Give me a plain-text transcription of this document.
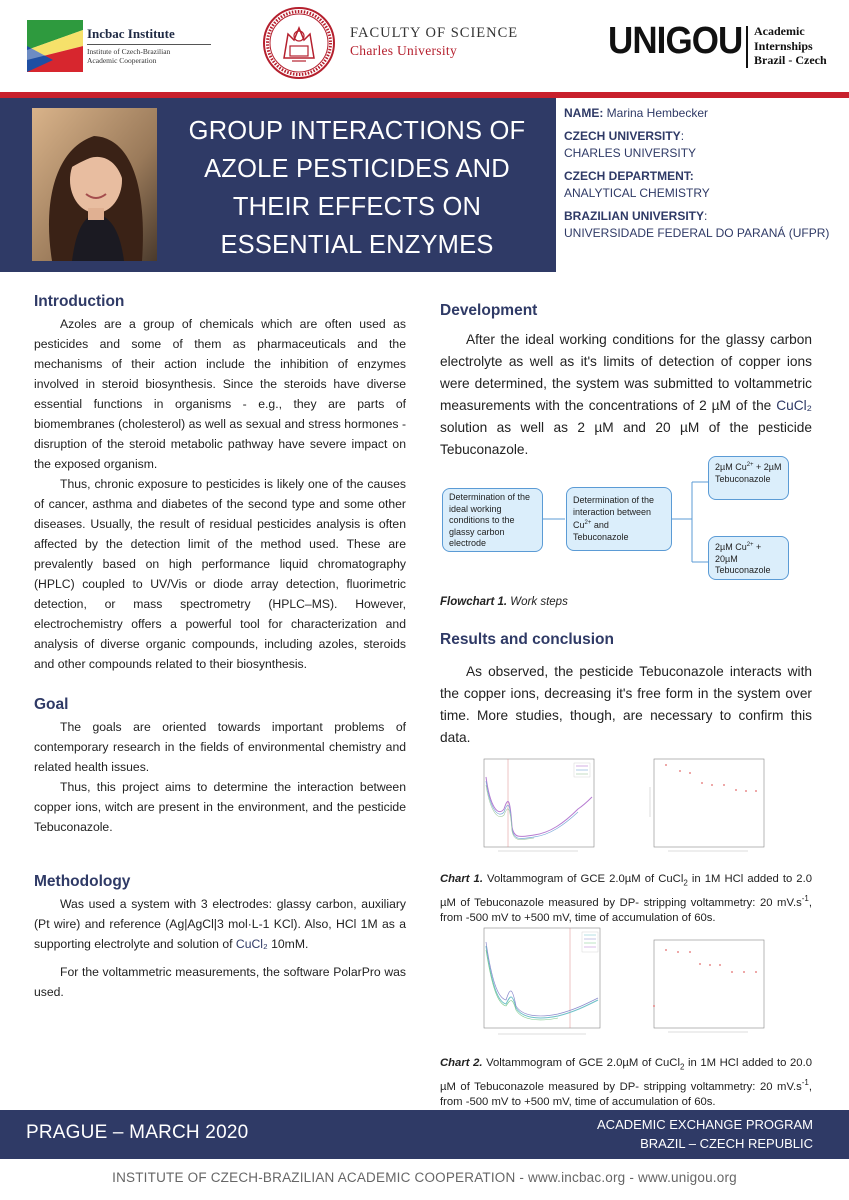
Incbac Institute
Institute of Czech-Brazilian
Academic Cooperation
FACULTY OF SCIENCE
Charles University	UNIGOU Academic
Internships
Brazil - Czech
GROUP INTERACTIONS OF
AZOLE PESTICIDES AND
THEIR EFFECTS ON
ESSENTIAL ENZYMES
NAME: Marina Hembecker
CZECH UNIVERSITY:
CHARLES UNIVERSITY
CZECH DEPARTMENT:
ANALYTICAL CHEMISTRY
BRAZILIAN UNIVERSITY:
UNIVERSIDADE FEDERAL DO PARANÁ (UFPR)
Introduction

Azoles are a group of chemicals which are often used as pesticides and some of them as pharmaceuticals and the mechanisms of their action include the inhibition of enzymes involved in steroid biosynthesis. Since the steroids have diverse essential functions in organisms - e.g., they are parts of biomembranes (cholesterol) as well as sexual and stress hormones - disruption of the steroid metabolic pathway have severe impact on the exposed organism.

Thus, chronic exposure to pesticides is likely one of the causes of cancer, asthma and diabetes of the second type and some other diseases. Usually, the result of residual pesticides analysis is often affected by the detection limit of the method used. These are prevalently based on high performance liquid chromatography (HPLC) coupled to UV/Vis or diode array detection, fluorimetric detection, or mass spectrometry (HPLC–MS). However, electrochemistry offers a powerful tool for characterization and analysis of diverse organic compounds, including azoles, steroids and other compounds related to their biosynthesis.

Goal

The goals are oriented towards important problems of contemporary research in the fields of environmental chemistry and related health issues.

Thus, this project aims to determine the interaction between copper ions, witch are present in the environment, and the pesticide Tebuconazole.

Methodology

Was used a system with 3 electrodes: glassy carbon, auxiliary (Pt wire) and reference (Ag|AgCl|3 mol·L-1 KCl). Also, HCl 1M as a supporting electrolyte and solution of CuCl₂ 10mM.

For the voltammetric measurements, the software PolarPro was used.

Development

After the ideal working conditions for the glassy carbon electrolyte as well as it's limits of detection of copper ions were determined, the system was submitted to voltammetric measurements with the concentrations of 2 µM of the CuCl₂ solution as well as 2 µM and 20 µM of the pesticide Tebuconazole.

Determination of the ideal working conditions to the glassy carbon electrode
Determination of the interaction between $Cu^{2+}$ and Tebuconazole
2µM $Cu^{2+} + 2\mu M$ Tebuconazole
2µM $Cu^{2+} + 20\mu M$ Tebuconazole
Flowchart 1. Work steps
Results and conclusion

As observed, the pesticide Tebuconazole interacts with the copper ions, decreasing it's free form in the system over time. More studies, though, are necessary to confirm this data.

Chart 1. Voltammogram of GCE 2.0µM of CuCl$_2$ in 1M HCl added to 2.0 µM of Tebuconazole measured by DP- stripping voltammetry: 20 $mV.s^{-1}$, from -500 mV to +500 mV, time of accumulation of 60s.
Chart 2. Voltammogram of GCE 2.0µM of CuCl$_2$ in 1M HCl added to 20.0 µM of Tebuconazole measured by DP- stripping voltammetry: 20 $mV.s^{-1}$, from -500 mV to +500 mV, time of accumulation of 60s.
PRAGUE – MARCH 2020	ACADEMIC EXCHANGE PROGRAM
BRAZIL – CZECH REPUBLIC
INSTITUTE OF CZECH-BRAZILIAN ACADEMIC COOPERATION - www.incbac.org - www.unigou.org
